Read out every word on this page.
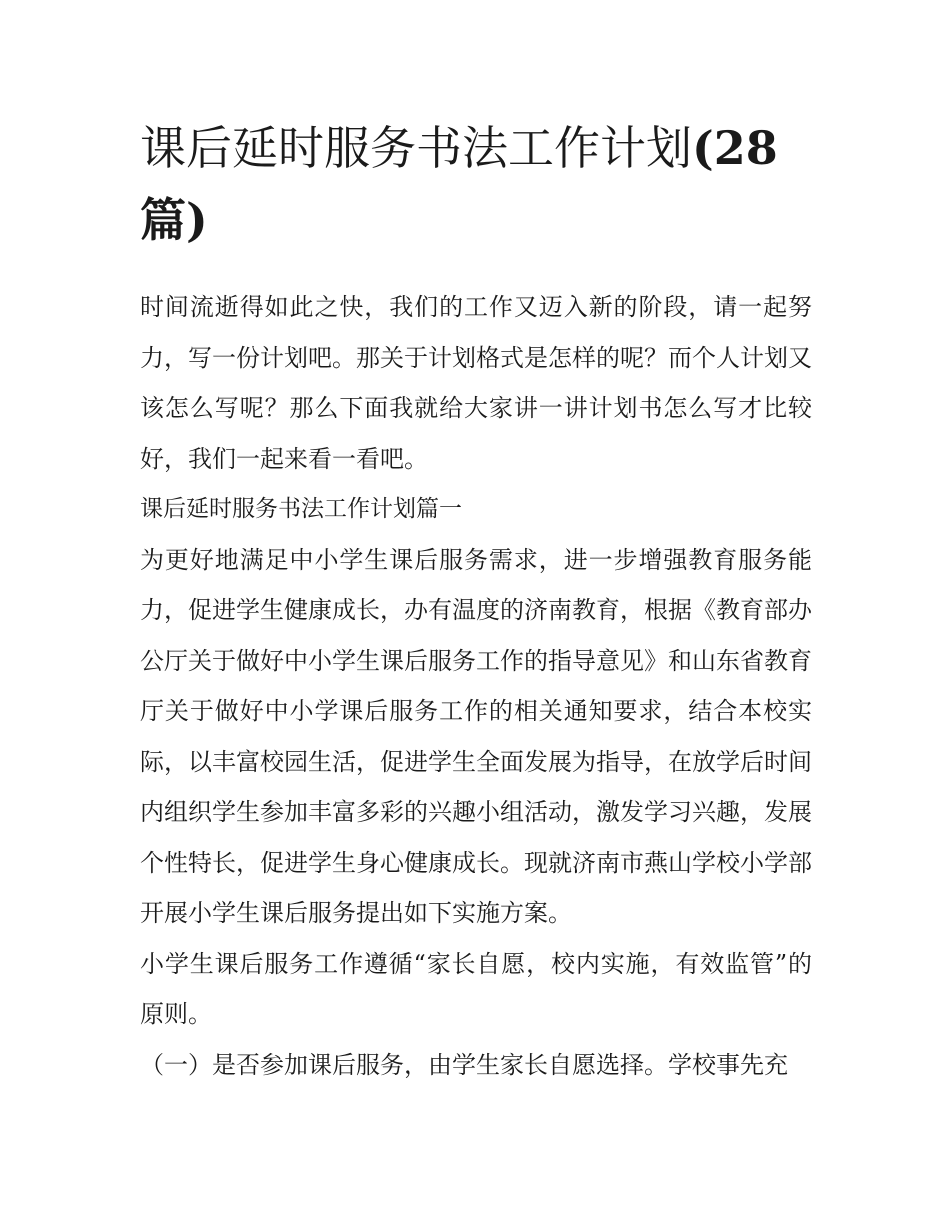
课后延时服务书法工作计划(28篇)

时间流逝得如此之快，我们的工作又迈入新的阶段，请一起努力，写一份计划吧。那关于计划格式是怎样的呢？而个人计划又该怎么写呢？那么下面我就给大家讲一讲计划书怎么写才比较好，我们一起来看一看吧。

课后延时服务书法工作计划篇一

为更好地满足中小学生课后服务需求，进一步增强教育服务能力，促进学生健康成长，办有温度的济南教育，根据《教育部办公厅关于做好中小学生课后服务工作的指导意见》和山东省教育厅关于做好中小学课后服务工作的相关通知要求，结合本校实际，以丰富校园生活，促进学生全面发展为指导，在放学后时间内组织学生参加丰富多彩的兴趣小组活动，激发学习兴趣，发展个性特长，促进学生身心健康成长。现就济南市燕山学校小学部开展小学生课后服务提出如下实施方案。

小学生课后服务工作遵循“家长自愿，校内实施，有效监管”的原则。

（一）是否参加课后服务，由学生家长自愿选择。学校事先充
